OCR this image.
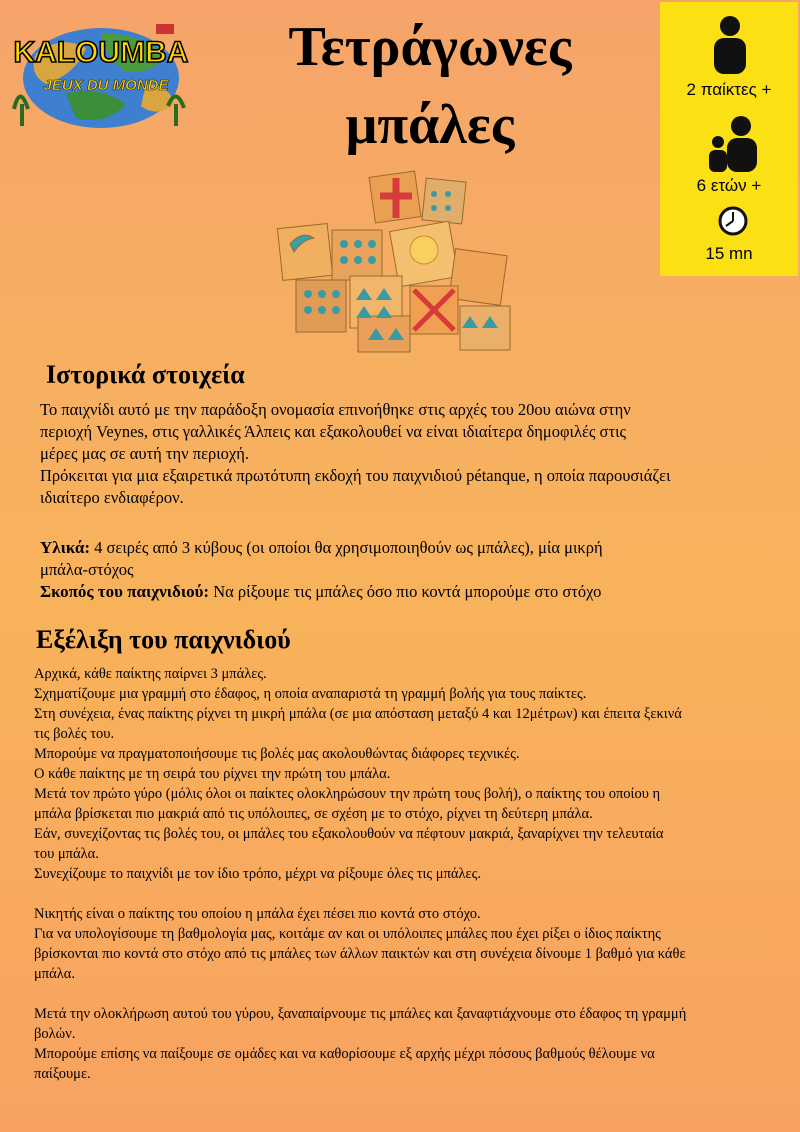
KALOUMBA
JEUX DU MONDE
Τετράγωνες
μπάλες
2 παίκτες +
6 ετών +
15 mn
Ιστορικά στοιχεία

Το παιχνίδι αυτό με την παράδοξη ονομασία επινοήθηκε στις αρχές του 20ου αιώνα στην
περιοχή Veynes, στις γαλλικές Άλπεις και εξακολουθεί να είναι ιδιαίτερα δημοφιλές στις
μέρες μας σε αυτή την περιοχή.
Πρόκειται για μια εξαιρετικά πρωτότυπη εκδοχή του παιχνιδιού pétanque, η οποία παρουσιάζει
ιδιαίτερο ενδιαφέρον.

Υλικά: 4 σειρές από 3 κύβους (οι οποίοι θα χρησιμοποιηθούν ως μπάλες), μία μικρή
μπάλα-στόχος
Σκοπός του παιχνιδιού: Να ρίξουμε τις μπάλες όσο πιο κοντά μπορούμε στο στόχο

Εξέλιξη του παιχνιδιού
Αρχικά, κάθε παίκτης παίρνει 3 μπάλες.
Σχηματίζουμε μια γραμμή στο έδαφος, η οποία αναπαριστά τη γραμμή βολής για τους παίκτες.
Στη συνέχεια, ένας παίκτης ρίχνει τη μικρή μπάλα (σε μια απόσταση μεταξύ 4 και 12μέτρων) και έπειτα ξεκινά
τις βολές του.
Μπορούμε να πραγματοποιήσουμε τις βολές μας ακολουθώντας διάφορες τεχνικές.
Ο κάθε παίκτης με τη σειρά του ρίχνει την πρώτη του μπάλα.
Μετά τον πρώτο γύρο (μόλις όλοι οι παίκτες ολοκληρώσουν την πρώτη τους βολή), ο παίκτης του οποίου η
μπάλα βρίσκεται πιο μακριά από τις υπόλοιπες, σε σχέση με το στόχο, ρίχνει τη δεύτερη μπάλα.
Εάν, συνεχίζοντας τις βολές του, οι μπάλες του εξακολουθούν να πέφτουν μακριά, ξαναρίχνει την τελευταία
του μπάλα.
Συνεχίζουμε το παιχνίδι με τον ίδιο τρόπο, μέχρι να ρίξουμε όλες τις μπάλες.
Νικητής είναι ο παίκτης του οποίου η μπάλα έχει πέσει πιο κοντά στο στόχο.
Για να υπολογίσουμε τη βαθμολογία μας, κοιτάμε αν και οι υπόλοιπες μπάλες που έχει ρίξει ο ίδιος παίκτης
βρίσκονται πιο κοντά στο στόχο από τις μπάλες των άλλων παικτών και στη συνέχεια δίνουμε 1 βαθμό για κάθε
μπάλα.
Μετά την ολοκλήρωση αυτού του γύρου, ξαναπαίρνουμε τις μπάλες και ξαναφτιάχνουμε στο έδαφος τη γραμμή
βολών.
Μπορούμε επίσης να παίξουμε σε ομάδες και να καθορίσουμε εξ αρχής μέχρι πόσους βαθμούς θέλουμε να
παίξουμε.
